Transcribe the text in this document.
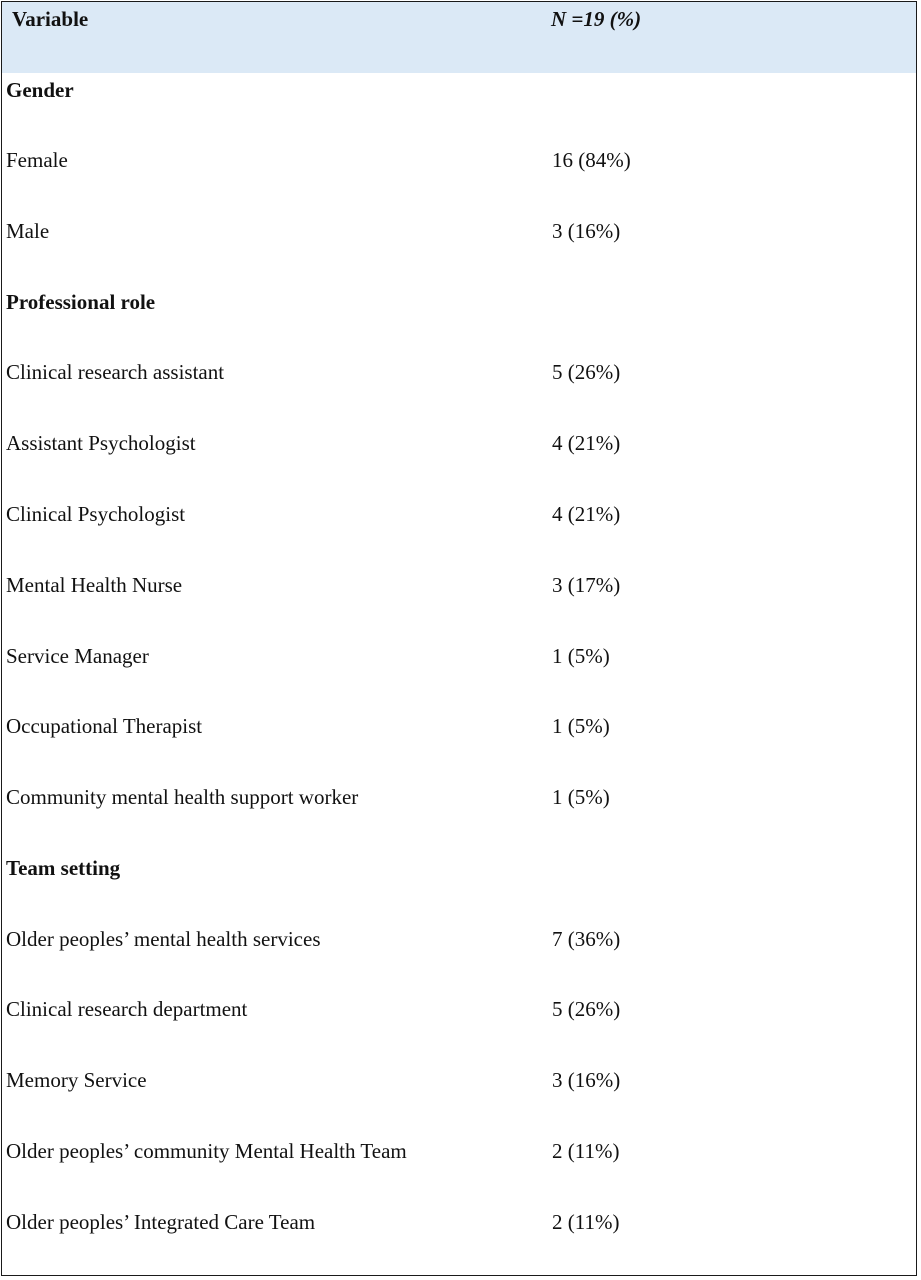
Variable	N =19 (%)
Gender
Female	16 (84%)
Male	3 (16%)
Professional role
Clinical research assistant	5 (26%)
Assistant Psychologist	4 (21%)
Clinical Psychologist	4 (21%)
Mental Health Nurse	3 (17%)
Service Manager	1 (5%)
Occupational Therapist	1 (5%)
Community mental health support worker	1 (5%)
Team setting
Older peoples’ mental health services	7 (36%)
Clinical research department	5 (26%)
Memory Service	3 (16%)
Older peoples’ community Mental Health Team	2 (11%)
Older peoples’ Integrated Care Team	2 (11%)
